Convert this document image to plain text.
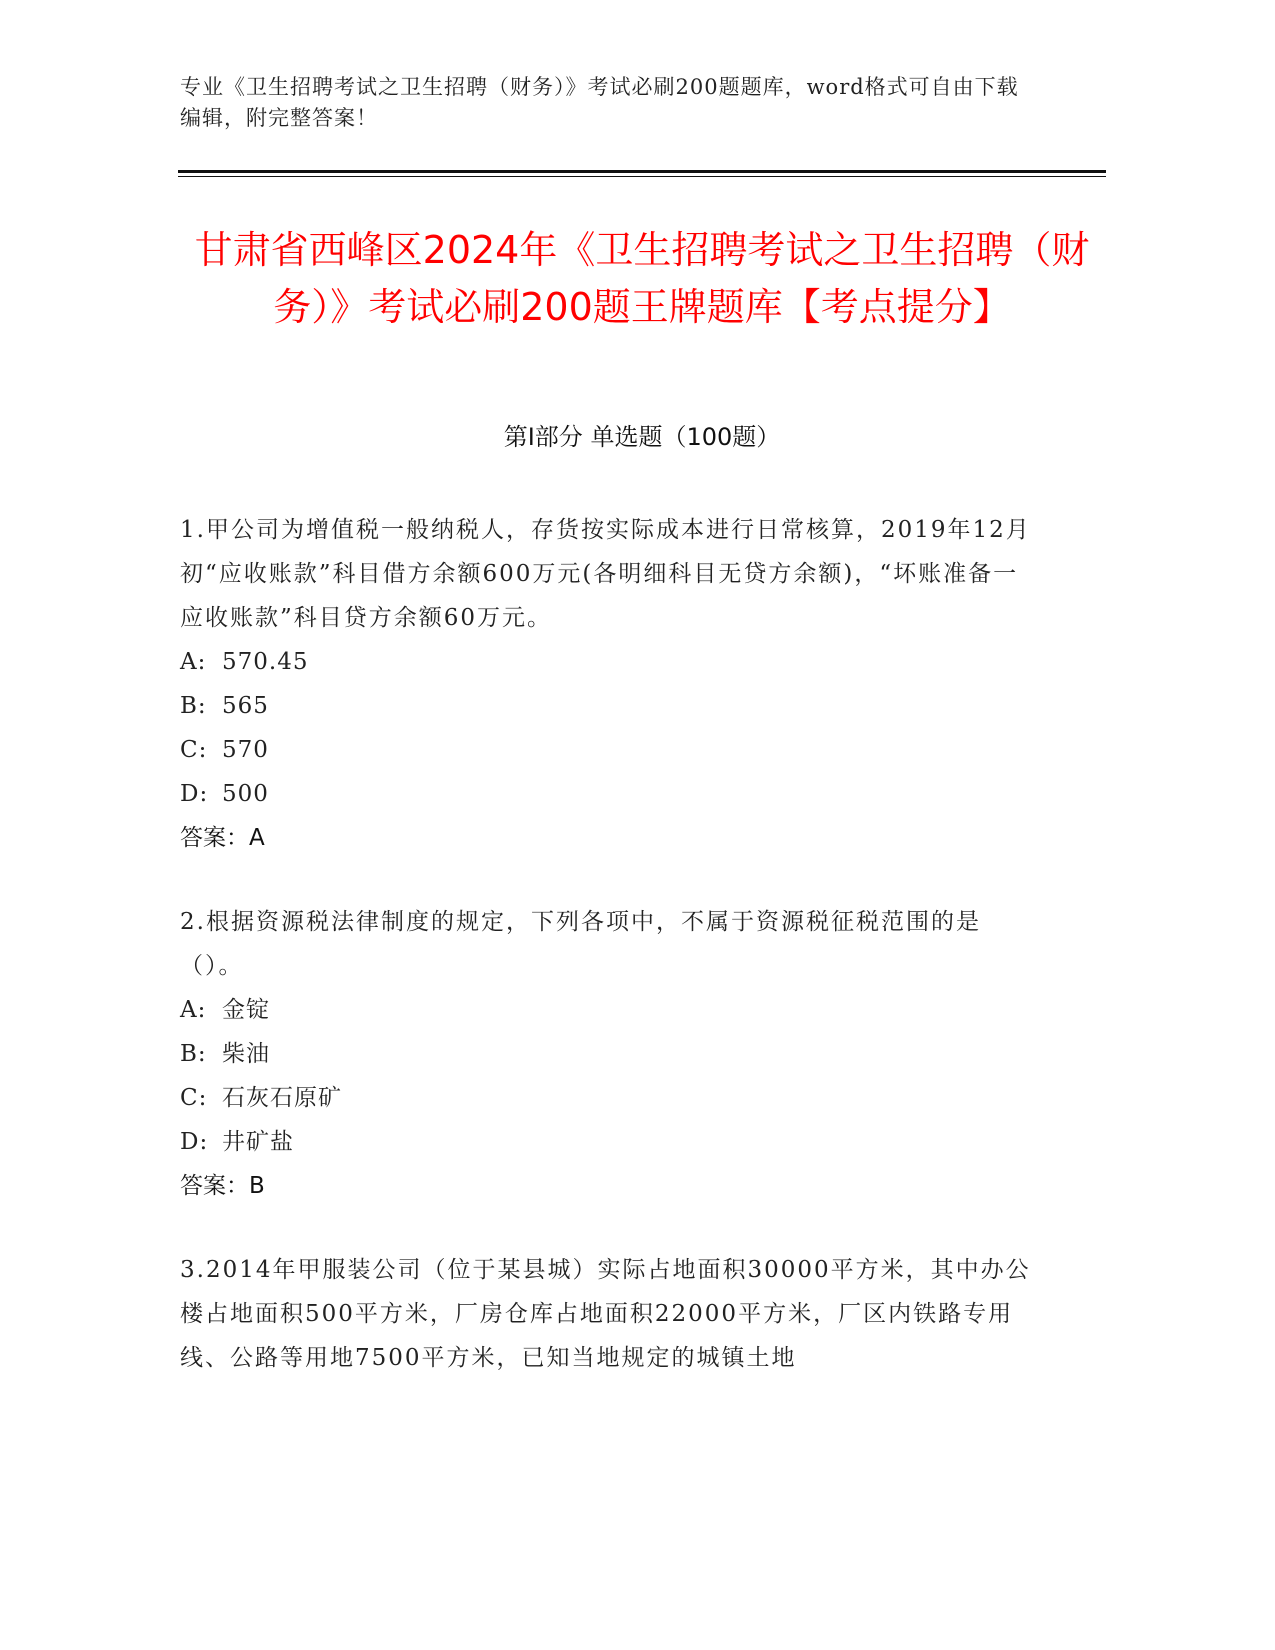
专业《卫生招聘考试之卫生招聘（财务）》考试必刷200题题库，word格式可自由下载编辑，附完整答案！
甘肃省西峰区2024年《卫生招聘考试之卫生招聘（财务）》考试必刷200题王牌题库【考点提分】
第I部分 单选题（100题）
1.甲公司为增值税一般纳税人，存货按实际成本进行日常核算，2019年12月初“应收账款”科目借方余额600万元(各明细科目无贷方余额)，“坏账准备一应收账款”科目贷方余额60万元。
A: 570.45
B: 565
C: 570
D: 500
答案：A
2.根据资源税法律制度的规定，下列各项中，不属于资源税征税范围的是（）。
A: 金锭
B: 柴油
C: 石灰石原矿
D: 井矿盐
答案：B
3.2014年甲服装公司（位于某县城）实际占地面积30000平方米，其中办公楼占地面积500平方米，厂房仓库占地面积22000平方米，厂区内铁路专用线、公路等用地7500平方米，已知当地规定的城镇土地
